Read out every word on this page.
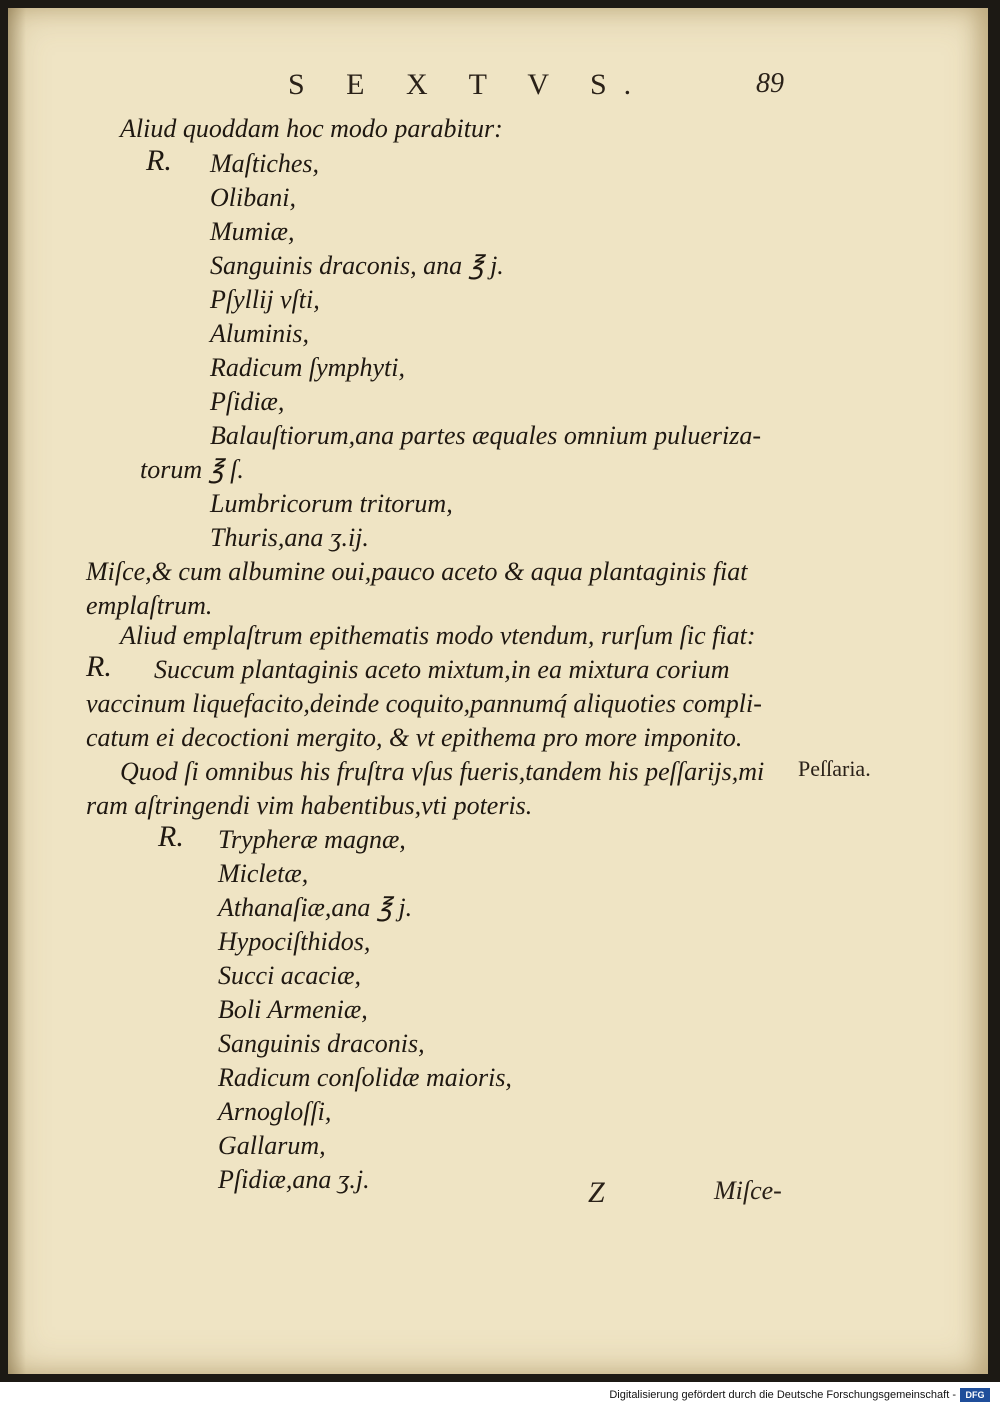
S E X T V S.	89
Aliud quoddam hoc modo parabitur:
R. Maſtiches,
Olibani,
Mumiæ,
Sanguinis draconis, ana ℥ j.
Pſyllij vſti,
Aluminis,
Radicum ſymphyti,
Pſidiæ,
Balauſtiorum,ana partes æquales omnium pulueriza-
torum ℥ ſ.
Lumbricorum tritorum,
Thuris,ana ʒ.ij.
Miſce,& cum albumine oui,pauco aceto & aqua plantaginis fiat
emplaſtrum.
Aliud emplaſtrum epithematis modo vtendum, rurſum ſic fiat:
R. Succum plantaginis aceto mixtum,in ea mixtura corium
vaccinum liquefacito,deinde coquito,pannumq́ aliquoties compli-
catum ei decoctioni mergito, & vt epithema pro more imponito.
Quod ſi omnibus his fruſtra vſus fueris,tandem his peſſarijs,mi Peſſaria.
ram aſtringendi vim habentibus,vti poteris.
R. Trypheræ magnæ,
Micletæ,
Athanaſiæ,ana ℥ j.
Hypociſthidos,
Succi acaciæ,
Boli Armeniæ,
Sanguinis draconis,
Radicum conſolidæ maioris,
Arnogloſſi,
Gallarum,
Pſidiæ,ana ʒ.j.	Z	Miſce-
Digitalisierung gefördert durch die Deutsche Forschungsgemeinschaft -	DFG
